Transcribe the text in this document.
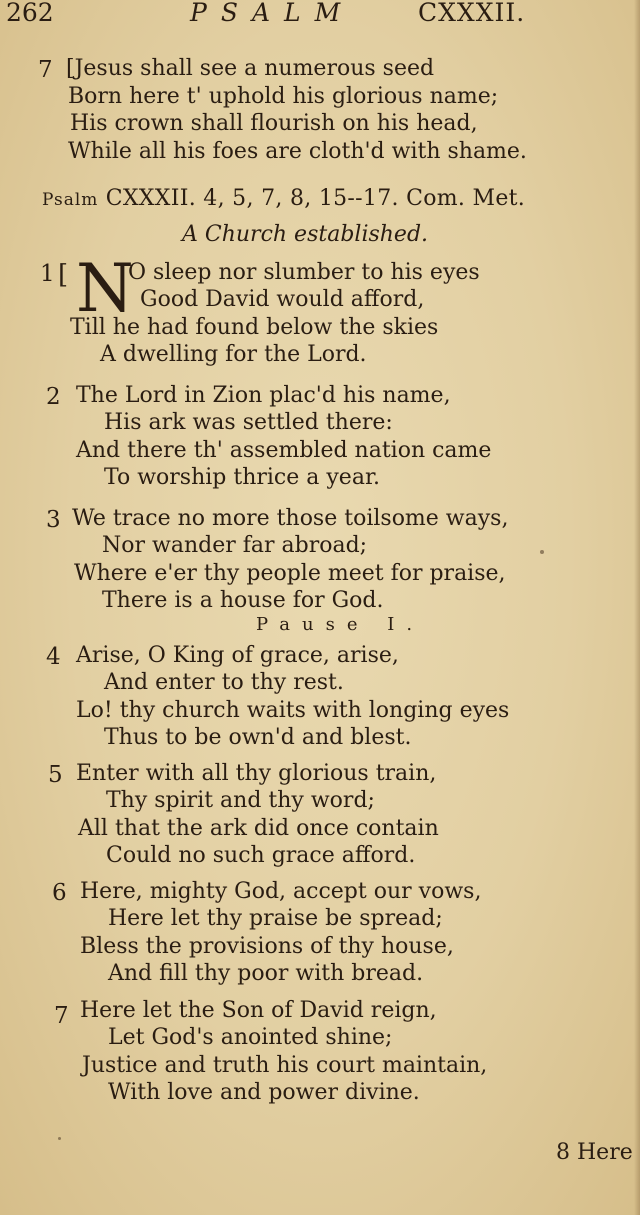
262	PSALM	CXXXII.
7 [Jesus shall see a numerous seed
Born here t' uphold his glorious name;
His crown shall flourish on his head,
While all his foes are cloth'd with shame.
Psalm CXXXII. 4, 5, 7, 8, 15--17. Com. Met.
A Church established.
1 [ N
O sleep nor slumber to his eyes
Good David would afford,
Till he had found below the skies
A dwelling for the Lord.
2 The Lord in Zion plac'd his name,
His ark was settled there:
And there th' assembled nation came
To worship thrice a year.
3 We trace no more those toilsome ways,
Nor wander far abroad;
Where e'er thy people meet for praise,
There is a house for God.
Pause I.
4 Arise, O King of grace, arise,
And enter to thy rest.
Lo! thy church waits with longing eyes
Thus to be own'd and blest.
5 Enter with all thy glorious train,
Thy spirit and thy word;
All that the ark did once contain
Could no such grace afford.
6 Here, mighty God, accept our vows,
Here let thy praise be spread;
Bless the provisions of thy house,
And fill thy poor with bread.
7 Here let the Son of David reign,
Let God's anointed shine;
Justice and truth his court maintain,
With love and power divine.
8 Here
